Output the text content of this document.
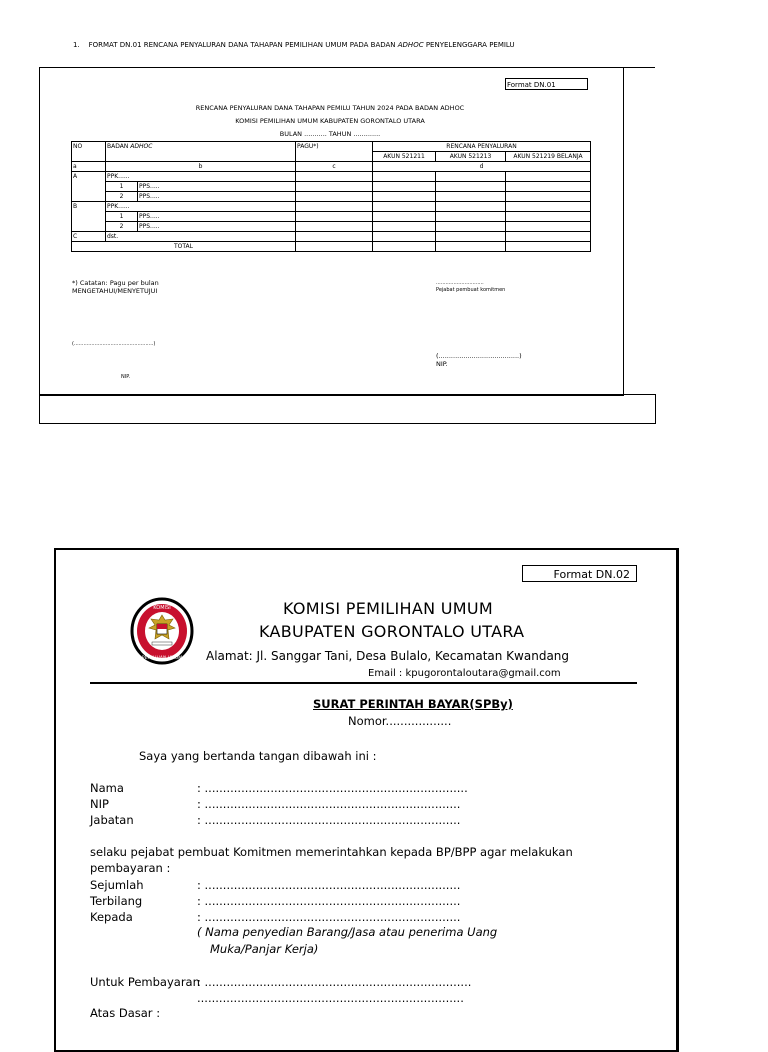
1. FORMAT DN.01 RENCANA PENYALURAN DANA TAHAPAN PEMILIHAN UMUM PADA BADAN ADHOC PENYELENGGARA PEMILU
Format DN.01
RENCANA PENYALURAN DANA TAHAPAN PEMILU TAHUN 2024 PADA BADAN ADHOC
KOMISI PEMILIHAN UMUM KABUPATEN GORONTALO UTARA
BULAN ........... TAHUN .............
NO	BADAN ADHOC		PAGU*)	RENCANA PENYALURAN		
				AKUN 521211	AKUN 521213	AKUN 521219 BELANJA
a	b		c	d		
A	PPK......					
	1	PPS.....				
	2	PPS.....				
B	PPK......					
	1	PPS.....				
	2	PPS.....				
C	dst.					
TOTAL						
*) Catatan: Pagu per bulan
MENGETAHUI/MENYETUJUI
..............................
Pejabat pembuat komitmen
(..................................................)
(.......................................)
NIP.
NIP.
Format DN.02
KOMISI
PEMILIHAN UMUM
KOMISI PEMILIHAN UMUM
KABUPATEN GORONTALO UTARA
Alamat: Jl. Sanggar Tani, Desa Bulalo, Kecamatan Kwandang
Email : kpugorontaloutara@gmail.com
SURAT PERINTAH BAYAR(SPBy)
Nomor..................
Saya yang bertanda tangan dibawah ini :
Nama	: ........................................................................
NIP	: ......................................................................
Jabatan	: ......................................................................
selaku pejabat pembuat Komitmen memerintahkan kepada BP/BPP agar melakukan
pembayaran :
Sejumlah	: ......................................................................
Terbilang	: ......................................................................
Kepada	: ......................................................................
( Nama penyedian Barang/Jasa atau penerima Uang
Muka/Panjar Kerja)
Untuk Pembayaran
: .........................................................................
.........................................................................
Atas Dasar :
